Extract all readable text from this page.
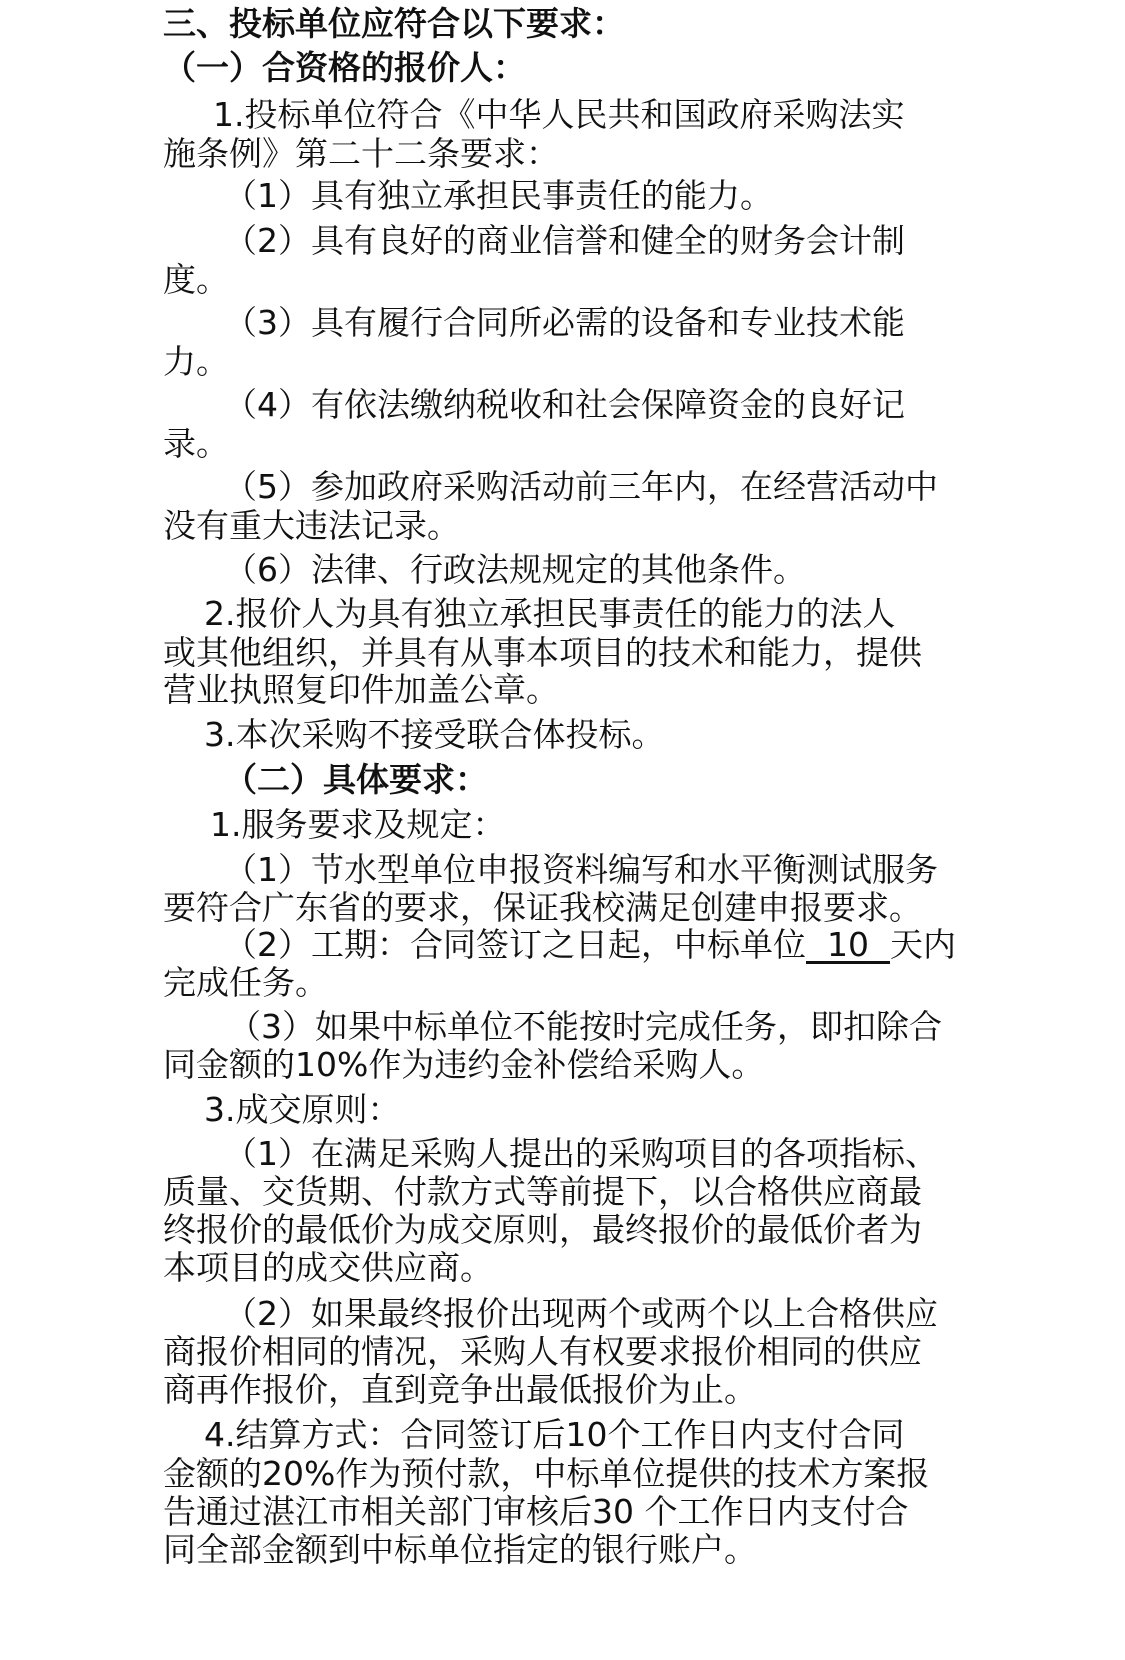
三、投标单位应符合以下要求：
（一）合资格的报价人：
1.投标单位符合《中华人民共和国政府采购法实
施条例》第二十二条要求：
（1）具有独立承担民事责任的能力。
（2）具有良好的商业信誉和健全的财务会计制
度。
（3）具有履行合同所必需的设备和专业技术能
力。
（4）有依法缴纳税收和社会保障资金的良好记
录。
（5）参加政府采购活动前三年内，在经营活动中
没有重大违法记录。
（6）法律、行政法规规定的其他条件。
2.报价人为具有独立承担民事责任的能力的法人
或其他组织，并具有从事本项目的技术和能力，提供
营业执照复印件加盖公章。
3.本次采购不接受联合体投标。
（二）具体要求：
1.服务要求及规定：
（1）节水型单位申报资料编写和水平衡测试服务
要符合广东省的要求，保证我校满足创建申报要求。
（2）工期：合同签订之日起，中标单位 10 天内
完成任务。
（3）如果中标单位不能按时完成任务，即扣除合
同金额的10%作为违约金补偿给采购人。
3.成交原则：
（1）在满足采购人提出的采购项目的各项指标、
质量、交货期、付款方式等前提下，以合格供应商最
终报价的最低价为成交原则，最终报价的最低价者为
本项目的成交供应商。
（2）如果最终报价出现两个或两个以上合格供应
商报价相同的情况，采购人有权要求报价相同的供应
商再作报价，直到竞争出最低报价为止。
4.结算方式：合同签订后10个工作日内支付合同
金额的20%作为预付款，中标单位提供的技术方案报
告通过湛江市相关部门审核后30 个工作日内支付合
同全部金额到中标单位指定的银行账户。
